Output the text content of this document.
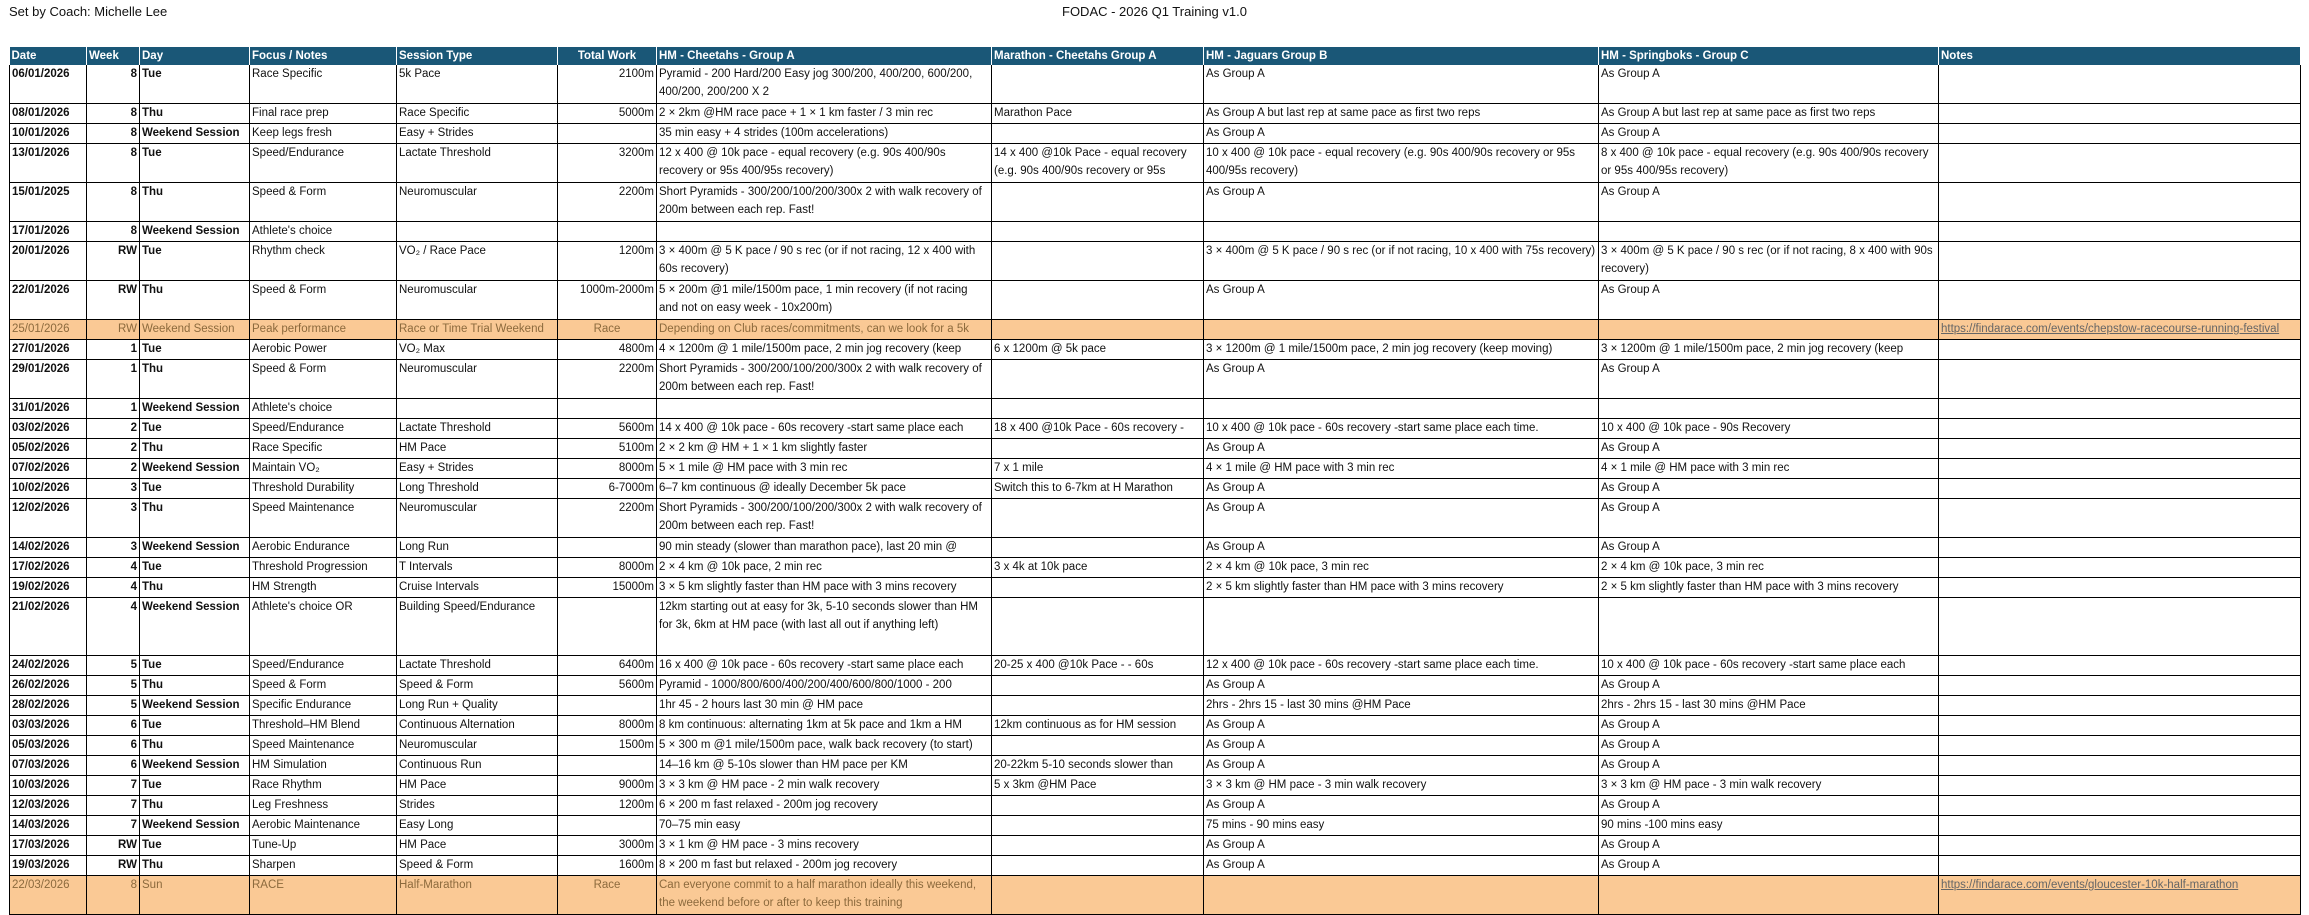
Set by Coach: Michelle Lee	FODAC - 2026 Q1 Training v1.0
Date	Week	Day	Focus / Notes	Session Type	Total Work	HM - Cheetahs - Group A	Marathon - Cheetahs Group A	HM - Jaguars Group B	HM - Springboks - Group C	Notes
06/01/2026	8	Tue	Race Specific	5k Pace	2100m	Pyramid - 200 Hard/200 Easy jog 300/200, 400/200, 600/200, 400/200, 200/200 X 2		As Group A	As Group A	
08/01/2026	8	Thu	Final race prep	Race Specific	5000m	2 × 2km @HM race pace + 1 × 1 km faster / 3 min rec	Marathon Pace	As Group A but last rep at same pace as first two reps	As Group A but last rep at same pace as first two reps	
10/01/2026	8	Weekend Session	Keep legs fresh	Easy + Strides		35 min easy + 4 strides (100m accelerations)		As Group A	As Group A	
13/01/2026	8	Tue	Speed/Endurance	Lactate Threshold	3200m	12 x 400 @ 10k pace - equal recovery (e.g. 90s 400/90s recovery or 95s 400/95s recovery)	14 x 400 @10k Pace - equal recovery (e.g. 90s 400/90s recovery or 95s	10 x 400 @ 10k pace - equal recovery (e.g. 90s 400/90s recovery or 95s 400/95s recovery)	8 x 400 @ 10k pace - equal recovery (e.g. 90s 400/90s recovery or 95s 400/95s recovery)	
15/01/2025	8	Thu	Speed & Form	Neuromuscular	2200m	Short Pyramids - 300/200/100/200/300x 2 with walk recovery of 200m between each rep. Fast!		As Group A	As Group A	
17/01/2026	8	Weekend Session	Athlete's choice							
20/01/2026	RW	Tue	Rhythm check	VO₂ / Race Pace	1200m	3 × 400m @ 5 K pace / 90 s rec (or if not racing, 12 x 400 with 60s recovery)		3 × 400m @ 5 K pace / 90 s rec (or if not racing, 10 x 400 with 75s recovery)	3 × 400m @ 5 K pace / 90 s rec (or if not racing, 8 x 400 with 90s recovery)	
22/01/2026	RW	Thu	Speed & Form	Neuromuscular	1000m-2000m	5 × 200m @1 mile/1500m pace, 1 min recovery (if not racing and not on easy week - 10x200m)		As Group A	As Group A	
25/01/2026	RW	Weekend Session	Peak performance	Race or Time Trial Weekend	Race	Depending on Club races/commitments, can we look for a 5k				https://findarace.com/events/chepstow-racecourse-running-festival
27/01/2026	1	Tue	Aerobic Power	VO₂ Max	4800m	4 × 1200m @ 1 mile/1500m pace, 2 min jog recovery (keep	6 x 1200m @ 5k pace	3 × 1200m @ 1 mile/1500m pace, 2 min jog recovery (keep moving)	3 × 1200m @ 1 mile/1500m pace, 2 min jog recovery (keep	
29/01/2026	1	Thu	Speed & Form	Neuromuscular	2200m	Short Pyramids - 300/200/100/200/300x 2 with walk recovery of 200m between each rep. Fast!		As Group A	As Group A	
31/01/2026	1	Weekend Session	Athlete's choice							
03/02/2026	2	Tue	Speed/Endurance	Lactate Threshold	5600m	14 x 400 @ 10k pace - 60s recovery -start same place each	18 x 400 @10k Pace - 60s recovery -	10 x 400 @ 10k pace - 60s recovery -start same place each time.	10 x 400 @ 10k pace - 90s Recovery	
05/02/2026	2	Thu	Race Specific	HM Pace	5100m	2 × 2 km @ HM + 1 × 1 km slightly faster		As Group A	As Group A	
07/02/2026	2	Weekend Session	Maintain VO₂	Easy + Strides	8000m	5 × 1 mile @ HM pace with 3 min rec	7 x 1 mile	4 × 1 mile @ HM pace with 3 min rec	4 × 1 mile @ HM pace with 3 min rec	
10/02/2026	3	Tue	Threshold Durability	Long Threshold	6-7000m	6–7 km continuous @ ideally December 5k pace	Switch this to 6-7km at H Marathon	As Group A	As Group A	
12/02/2026	3	Thu	Speed Maintenance	Neuromuscular	2200m	Short Pyramids - 300/200/100/200/300x 2 with walk recovery of 200m between each rep. Fast!		As Group A	As Group A	
14/02/2026	3	Weekend Session	Aerobic Endurance	Long Run		90 min steady (slower than marathon pace), last 20 min @		As Group A	As Group A	
17/02/2026	4	Tue	Threshold Progression	T Intervals	8000m	2 × 4 km @ 10k pace, 2 min rec	3 x 4k at 10k pace	2 × 4 km @ 10k pace, 3 min rec	2 × 4 km @ 10k pace, 3 min rec	
19/02/2026	4	Thu	HM Strength	Cruise Intervals	15000m	3 × 5 km slightly faster than HM pace with 3 mins recovery		2 × 5 km slightly faster than HM pace with 3 mins recovery	2 × 5 km slightly faster than HM pace with 3 mins recovery	
21/02/2026	4	Weekend Session	Athlete's choice OR	Building Speed/Endurance		12km starting out at easy for 3k, 5-10 seconds slower than HM for 3k, 6km at HM pace (with last all out if anything left)				
24/02/2026	5	Tue	Speed/Endurance	Lactate Threshold	6400m	16 x 400 @ 10k pace - 60s recovery -start same place each	20-25 x 400 @10k Pace - - 60s	12 x 400 @ 10k pace - 60s recovery -start same place each time.	10 x 400 @ 10k pace - 60s recovery -start same place each	
26/02/2026	5	Thu	Speed & Form	Speed & Form	5600m	Pyramid - 1000/800/600/400/200/400/600/800/1000 - 200		As Group A	As Group A	
28/02/2026	5	Weekend Session	Specific Endurance	Long Run + Quality		1hr 45 - 2 hours last 30 min @ HM pace		2hrs - 2hrs 15 - last 30 mins @HM Pace	2hrs - 2hrs 15 - last 30 mins @HM Pace	
03/03/2026	6	Tue	Threshold–HM Blend	Continuous Alternation	8000m	8 km continuous: alternating 1km at 5k pace and 1km a HM	12km continuous as for HM session	As Group A	As Group A	
05/03/2026	6	Thu	Speed Maintenance	Neuromuscular	1500m	5 × 300 m @1 mile/1500m pace, walk back recovery (to start)		As Group A	As Group A	
07/03/2026	6	Weekend Session	HM Simulation	Continuous Run		14–16 km @ 5-10s slower than HM pace per KM	20-22km 5-10 seconds slower than	As Group A	As Group A	
10/03/2026	7	Tue	Race Rhythm	HM Pace	9000m	3 × 3 km @ HM pace - 2 min walk recovery	5 x 3km @HM Pace	3 × 3 km @ HM pace - 3 min walk recovery	3 × 3 km @ HM pace - 3 min walk recovery	
12/03/2026	7	Thu	Leg Freshness	Strides	1200m	6 × 200 m fast relaxed - 200m jog recovery		As Group A	As Group A	
14/03/2026	7	Weekend Session	Aerobic Maintenance	Easy Long		70–75 min easy		75 mins - 90 mins easy	90 mins -100 mins easy	
17/03/2026	RW	Tue	Tune-Up	HM Pace	3000m	3 × 1 km @ HM pace - 3 mins recovery		As Group A	As Group A	
19/03/2026	RW	Thu	Sharpen	Speed & Form	1600m	8 × 200 m fast but relaxed - 200m jog recovery		As Group A	As Group A	
22/03/2026	8	Sun	RACE	Half-Marathon	Race	Can everyone commit to a half marathon ideally this weekend, the weekend before or after to keep this training				https://findarace.com/events/gloucester-10k-half-marathon
